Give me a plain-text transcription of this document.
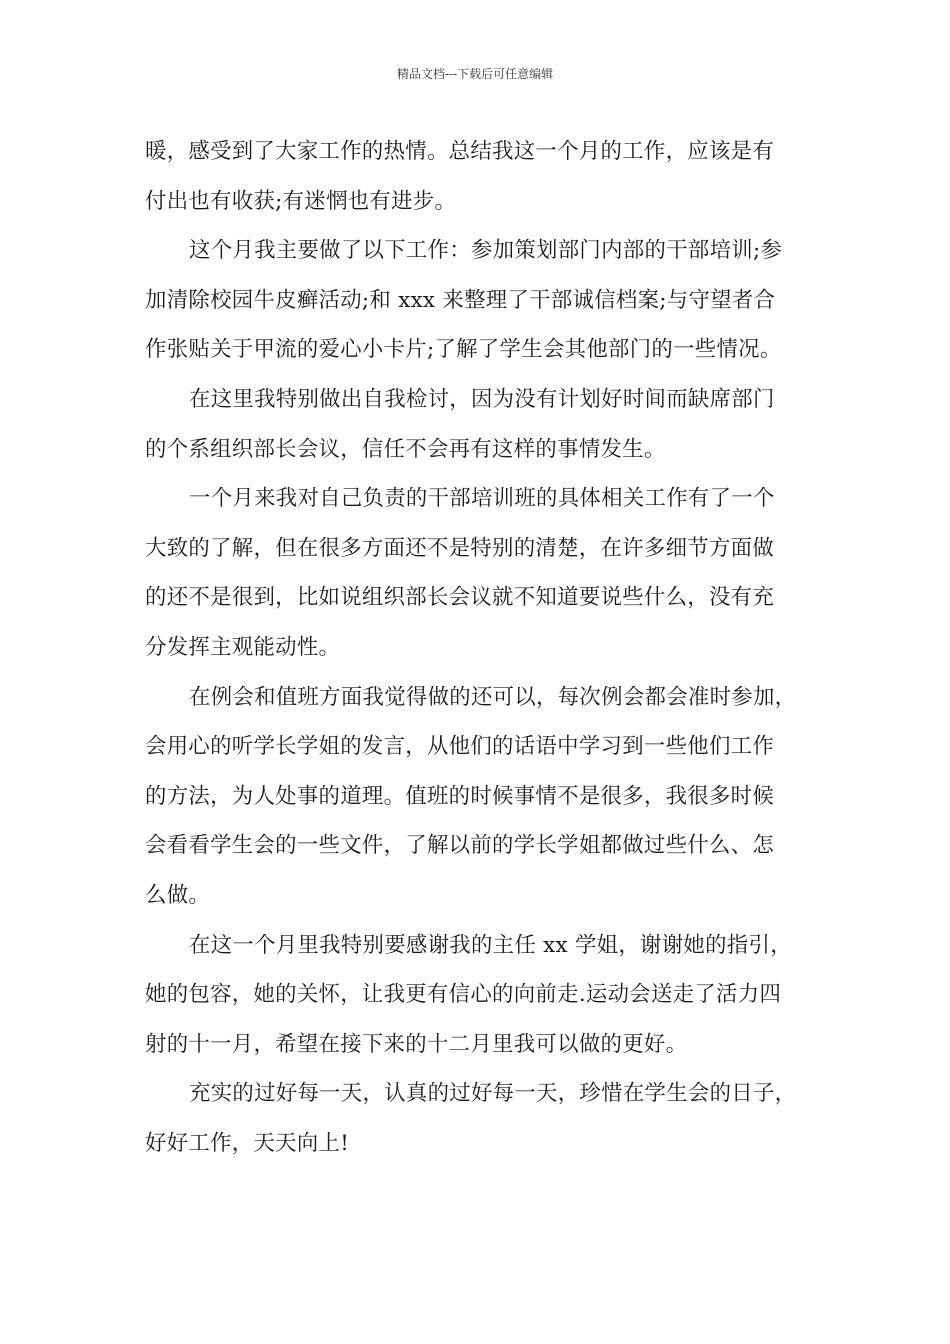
精品文档---下载后可任意编辑

暖，感受到了大家工作的热情。总结我这一个月的工作，应该是有

付出也有收获;有迷惘也有进步。

这个月我主要做了以下工作：参加策划部门内部的干部培训;参

加清除校园牛皮癣活动;和 xxx 来整理了干部诚信档案;与守望者合

作张贴关于甲流的爱心小卡片;了解了学生会其他部门的一些情况。

在这里我特别做出自我检讨，因为没有计划好时间而缺席部门

的个系组织部长会议，信任不会再有这样的事情发生。

一个月来我对自己负责的干部培训班的具体相关工作有了一个

大致的了解，但在很多方面还不是特别的清楚，在许多细节方面做

的还不是很到，比如说组织部长会议就不知道要说些什么，没有充

分发挥主观能动性。

在例会和值班方面我觉得做的还可以，每次例会都会准时参加，

会用心的听学长学姐的发言，从他们的话语中学习到一些他们工作

的方法，为人处事的道理。值班的时候事情不是很多，我很多时候

会看看学生会的一些文件，了解以前的学长学姐都做过些什么、怎

么做。

在这一个月里我特别要感谢我的主任 xx 学姐，谢谢她的指引，

她的包容，她的关怀，让我更有信心的向前走.运动会送走了活力四

射的十一月，希望在接下来的十二月里我可以做的更好。

充实的过好每一天，认真的过好每一天，珍惜在学生会的日子，

好好工作，天天向上!
